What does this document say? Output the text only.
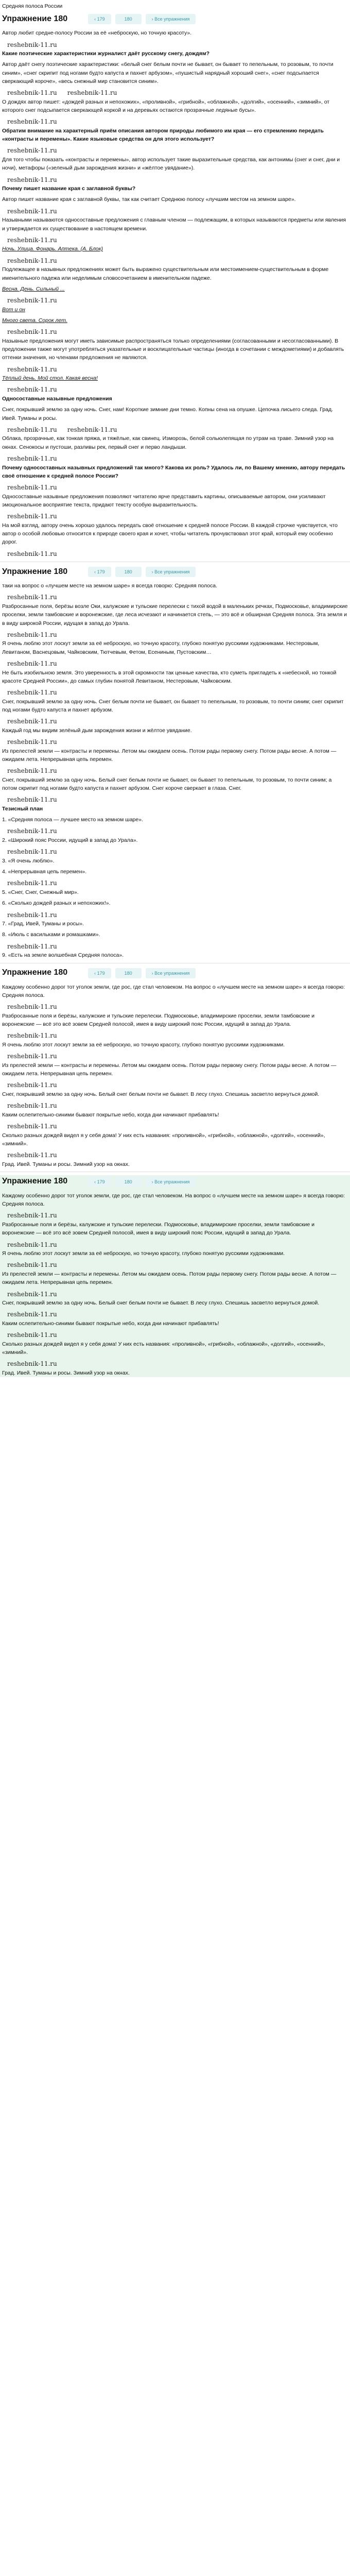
Средняя полоса России
Упражнение 180	‹ 179	180	› Все упражнения

Автор любит средне-полосу России за её «неброскую, но точную красоту».

reshebnik-11.ru

Какие поэтические характеристики журналист даёт русскому снегу, дождям?

Автор даёт снегу поэтические характеристики: «белый снег белым почти не бывает, он бывает то пепельным, то розовым, то почти синим», «снег скрипит под ногами будто капуста и пахнет арбузом», «пушистый нарядный хороший снег», «снег подсыпается сверкающий короче», «весь снежный мир становится синим».

reshebnik-11.ru reshebnik-11.ru

О дождях автор пишет: «дождей разных и непохожих», «проливной», «грибной», «облажной», «долгий», «осенний», «зимний», от которого снег подсыпается сверкающей коркой и на деревьях остаются прозрачные ледяные бусы».

reshebnik-11.ru

Обратим внимание на характерный приём описания автором природы любимого им края — его стремлению передать «контрасты и перемены». Какие языковые средства он для этого использует?

reshebnik-11.ru

Для того чтобы показать «контрасты и перемены», автор использует такие выразительные средства, как антонимы (снег и снег, дни и ночи), метафоры («зеленый дым зарождения жизни» и «жёлтое увядание»).

reshebnik-11.ru

Почему пишет название края с заглавной буквы?

Автор пишет название края с заглавной буквы, так как считает Среднюю полосу «лучшим местом на земном шаре».

reshebnik-11.ru

Назывными называются односоставные предложения с главным членом — подлежащим, в которых называются предметы или явления и утверждается их существование в настоящем времени.

reshebnik-11.ru

Ночь. Улица. Фонарь. Аптека. (А. Блок)

reshebnik-11.ru

Подлежащее в назывных предложениях может быть выражено существительным или местоимением-существительным в форме именительного падежа или неделимым словосочетанием в именительном падеже.

Весна. День. Сильный ...

reshebnik-11.ru

Вот и он

Много света. Сорок лет.

reshebnik-11.ru

Назывные предложения могут иметь зависимые распространяться только определениями (согласованными и несогласованными). В предложении также могут употребляться указательные и восклицательные частицы (иногда в сочетании с междометиями) и добавлять оттенки значения, но членами предложения не являются.

reshebnik-11.ru

Тёплый день. Мой стол. Какая весна!

reshebnik-11.ru

Односоставные назывные предложения

Снег, покрывший землю за одну ночь. Снег, нам! Короткие зимние дни темно. Копны сена на опушке. Цепочка лисьего следа. Град. Ивей. Туманы и росы.

reshebnik-11.ru reshebnik-11.ru

Облака, прозрачные, как тонкая пряжа, и тяжёлые, как свинец. Изморозь, белой сольюлепящая по утрам на траве. Зимний узор на окнах. Сенокосы и пустоши, разливы рек, первый снег и перво ландыши.

reshebnik-11.ru

Почему односоставных назывных предложений так много? Какова их роль? Удалось ли, по Вашему мнению, автору передать своё отношение к средней полосе России?

reshebnik-11.ru

Односоставные назывные предложения позволяют читателю ярче представить картины, описываемые автором, они усиливают эмоциональное восприятие текста, придают тексту особую выразительность.

reshebnik-11.ru

На мой взгляд, автору очень хорошо удалось передать своё отношение к средней полосе России. В каждой строчке чувствуется, что автор о особой любовью относится к природе своего края и хочет, чтобы читатель прочувствовал этот край, который ему особенно дорог.

reshebnik-11.ru
Упражнение 180	‹ 179	180	› Все упражнения

таки на вопрос о «лучшем месте на земном шаре» я всегда говорю: Средняя полоса.

reshebnik-11.ru

Разбросанные поля, берёзы возле Оки, калужские и тульские перелески с тихой водой в маленьких речках, Подмосковье, владимирские проселки, земли тамбовские и воронежские, где леса исчезают и начинается степь, — это всё и обширная Средняя полоса. Эта земля и в виду широкой России, идущая в запад до Урала.

reshebnik-11.ru

Я очень люблю этот лоскут земли за её неброскую, но точную красоту, глубоко понятую русскими художниками. Нестеровым, Левитаном, Васнецовым, Чайковским, Тютчевым, Фетом, Есениным, Пустовским…

reshebnik-11.ru

Не быть изобильною земля. Это уверенность в этой скромности так ценные качества, кто суметь пригладеть к «небесной, но тонкой красоте Средней России», до самых глубин понятой Левитаном, Нестеровым, Чайковским.

reshebnik-11.ru

Снег, покрывший землю за одну ночь. Снег белым почти не бывает, он бывает то пепельным, то розовым, то почти синим; снег скрипит под ногами будто капуста и пахнет арбузом.

reshebnik-11.ru

Каждый год мы видим зелёный дым зарождения жизни и жёлтое увядание.

reshebnik-11.ru

Из прелестей земли — контрасты и перемены. Летом мы ожидаем осень. Потом рады первому снегу. Потом рады весне. А потом — ожидаем лета. Непрерывная цепь перемен.

reshebnik-11.ru

Снег, покрывший землю за одну ночь. Белый снег белым почти не бывает, он бывает то пепельным, то розовым, то почти синим; а потом скрипит под ногами будто капуста и пахнет арбузом. Снег короче сверкает в глаза. Снег.

reshebnik-11.ru

Тезисный план

1. «Средняя полоса — лучшее место на земном шаре».

reshebnik-11.ru

2. «Широкий пояс России, идущий в запад до Урала».

reshebnik-11.ru

3. «Я очень люблю».

4. «Непрерывная цепь перемен».

reshebnik-11.ru

5. «Снег, Снег, Снежный мир».

6. «Сколько дождей разных и непохожих!».

reshebnik-11.ru

7. «Град, Ивей, Туманы и росы».

8. «Июль с васильками и ромашками».

reshebnik-11.ru

9. «Есть на земле волшебная Средняя полоса».

Упражнение 180	‹ 179	180	› Все упражнения

Каждому особенно дорог тот уголок земли, где рос, где стал человеком. На вопрос о «лучшем месте на земном шаре» я всегда говорю: Средняя полоса.

reshebnik-11.ru

Разбросанные поля и берёзы, калужские и тульские перелески. Подмосковье, владимирские проселки, земли тамбовские и воронежские — всё это всё зовем Средней полосой, имея в виду широкий пояс России, идущий в запад до Урала.

reshebnik-11.ru

Я очень люблю этот лоскут земли за её неброскую, но точную красоту, глубоко понятую русскими художниками.

reshebnik-11.ru

Из прелестей земли — контрасты и перемены. Летом мы ожидаем осень. Потом рады первому снегу. Потом рады весне. А потом — ожидаем лета. Непрерывная цепь перемен.

reshebnik-11.ru

Снег, покрывший землю за одну ночь. Белый снег белым почти не бывает. В лесу глухо. Спешишь засветло вернуться домой.

reshebnik-11.ru

Каким ослепительно-синими бывают покрытые небо, когда дни начинают прибавлять!

reshebnik-11.ru

Сколько разных дождей видел я у себя дома! У них есть названия: «проливной», «грибной», «облажной», «долгий», «осенний», «зимний».

reshebnik-11.ru

Град. Ивей. Туманы и росы. Зимний узор на окнах.

Упражнение 180	‹ 179	180	› Все упражнения

Каждому особенно дорог тот уголок земли, где рос, где стал человеком. На вопрос о «лучшем месте на земном шаре» я всегда говорю: Средняя полоса.

reshebnik-11.ru

Разбросанные поля и берёзы, калужские и тульские перелески. Подмосковье, владимирские проселки, земли тамбовские и воронежские — всё это всё зовем Средней полосой, имея в виду широкий пояс России, идущий в запад до Урала.

reshebnik-11.ru

Я очень люблю этот лоскут земли за её неброскую, но точную красоту, глубоко понятую русскими художниками.

reshebnik-11.ru

Из прелестей земли — контрасты и перемены. Летом мы ожидаем осень. Потом рады первому снегу. Потом рады весне. А потом — ожидаем лета. Непрерывная цепь перемен.

reshebnik-11.ru

Снег, покрывший землю за одну ночь. Белый снег белым почти не бывает. В лесу глухо. Спешишь засветло вернуться домой.

reshebnik-11.ru

Каким ослепительно-синими бывают покрытые небо, когда дни начинают прибавлять!

reshebnik-11.ru

Сколько разных дождей видел я у себя дома! У них есть названия: «проливной», «грибной», «облажной», «долгий», «осенний», «зимний».

reshebnik-11.ru

Град. Ивей. Туманы и росы. Зимний узор на окнах.
